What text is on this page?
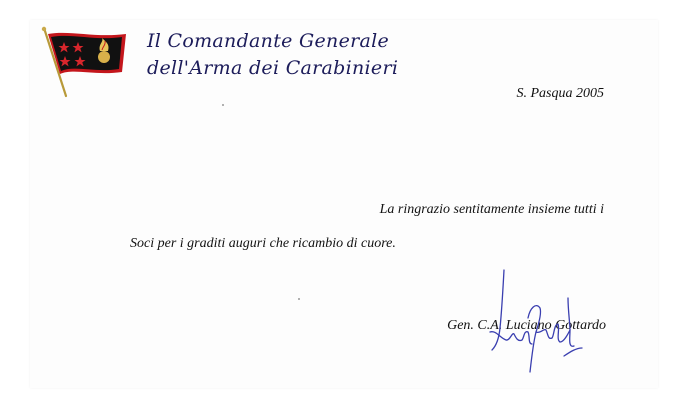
Il Comandante Generale
dell'Arma dei Carabinieri
S. Pasqua 2005
La ringrazio sentitamente insieme tutti i
Soci per i graditi auguri che ricambio di cuore.
Gen. C.A. Luciano Gottardo
